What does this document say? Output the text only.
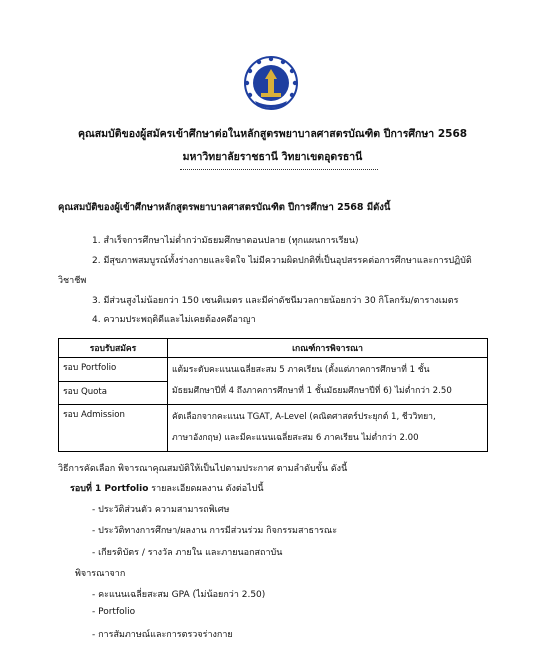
คุณสมบัติของผู้สมัครเข้าศึกษาต่อในหลักสูตรพยาบาลศาสตรบัณฑิต ปีการศึกษา 2568
มหาวิทยาลัยราชธานี วิทยาเขตอุดรธานี
คุณสมบัติของผู้เข้าศึกษาหลักสูตรพยาบาลศาสตรบัณฑิต ปีการศึกษา 2568 มีดังนี้
1. สำเร็จการศึกษาไม่ต่ำกว่ามัธยมศึกษาตอนปลาย (ทุกแผนการเรียน)
2. มีสุขภาพสมบูรณ์ทั้งร่างกายและจิตใจ ไม่มีความผิดปกติที่เป็นอุปสรรคต่อการศึกษาและการปฏิบัติ
วิชาชีพ
3. มีส่วนสูงไม่น้อยกว่า 150 เซนติเมตร และมีค่าดัชนีมวลกายน้อยกว่า 30 กิโลกรัม/ตารางเมตร
4. ความประพฤติดีและไม่เคยต้องคดีอาญา
รอบรับสมัคร	เกณฑ์การพิจารณา
รอบ Portfolio	แต้มระดับคะแนนเฉลี่ยสะสม 5 ภาคเรียน (ตั้งแต่ภาคการศึกษาที่ 1 ชั้น
มัธยมศึกษาปีที่ 4 ถึงภาคการศึกษาที่ 1 ชั้นมัธยมศึกษาปีที่ 6) ไม่ต่ำกว่า 2.50

รอบ Quota	
รอบ Admission	คัดเลือกจากคะแนน TGAT, A-Level (คณิตศาสตร์ประยุกต์ 1, ชีววิทยา,
ภาษาอังกฤษ) และมีคะแนนเฉลี่ยสะสม 6 ภาคเรียน ไม่ต่ำกว่า 2.00
วิธีการคัดเลือก พิจารณาคุณสมบัติให้เป็นไปตามประกาศ ตามลำดับขั้น ดังนี้
รอบที่ 1 Portfolio รายละเอียดผลงาน ดังต่อไปนี้
- ประวัติส่วนตัว ความสามารถพิเศษ
- ประวัติทางการศึกษา/ผลงาน การมีส่วนร่วม กิจกรรมสาธารณะ
- เกียรติบัตร / รางวัล ภายใน และภายนอกสถาบัน
พิจารณาจาก
- คะแนนเฉลี่ยสะสม GPA (ไม่น้อยกว่า 2.50)
- Portfolio
- การสัมภาษณ์และการตรวจร่างกาย
